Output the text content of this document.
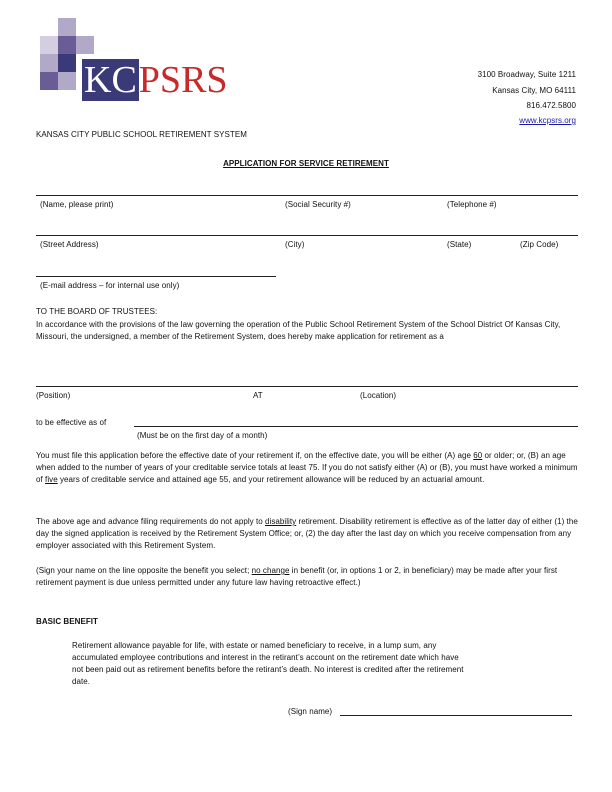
KCPSRS	3100 Broadway, Suite 1211
Kansas City, MO 64111
816.472.5800
www.kcpsrs.org
KANSAS CITY PUBLIC SCHOOL RETIREMENT SYSTEM
APPLICATION FOR SERVICE RETIREMENT
(Name, please print)	(Social Security #)	(Telephone #)
(Street Address)	(City)	(State)	(Zip Code)
(E-mail address – for internal use only)
TO THE BOARD OF TRUSTEES:
In accordance with the provisions of the law governing the operation of the Public School Retirement System of the School District Of Kansas City, Missouri, the undersigned, a member of the Retirement System, does hereby make application for retirement as a
(Position)	AT	(Location)
to be effective as of
(Must be on the first day of a month)
You must file this application before the effective date of your retirement if, on the effective date, you will be either (A) age 60 or older; or, (B) an age when added to the number of years of your creditable service totals at least 75. If you do not satisfy either (A) or (B), you must have worked a minimum of five years of creditable service and attained age 55, and your retirement allowance will be reduced by an actuarial amount.
The above age and advance filing requirements do not apply to disability retirement. Disability retirement is effective as of the latter day of either (1) the day the signed application is received by the Retirement System Office; or, (2) the day after the last day on which you receive compensation from any employer associated with this Retirement System.
(Sign your name on the line opposite the benefit you select; no change in benefit (or, in options 1 or 2, in beneficiary) may be made after your first retirement payment is due unless permitted under any future law having retroactive effect.)
BASIC BENEFIT
Retirement allowance payable for life, with estate or named beneficiary to receive, in a lump sum, any accumulated employee contributions and interest in the retirant’s account on the retirement date which have not been paid out as retirement benefits before the retirant’s death. No interest is credited after the retirement date.
(Sign name)
